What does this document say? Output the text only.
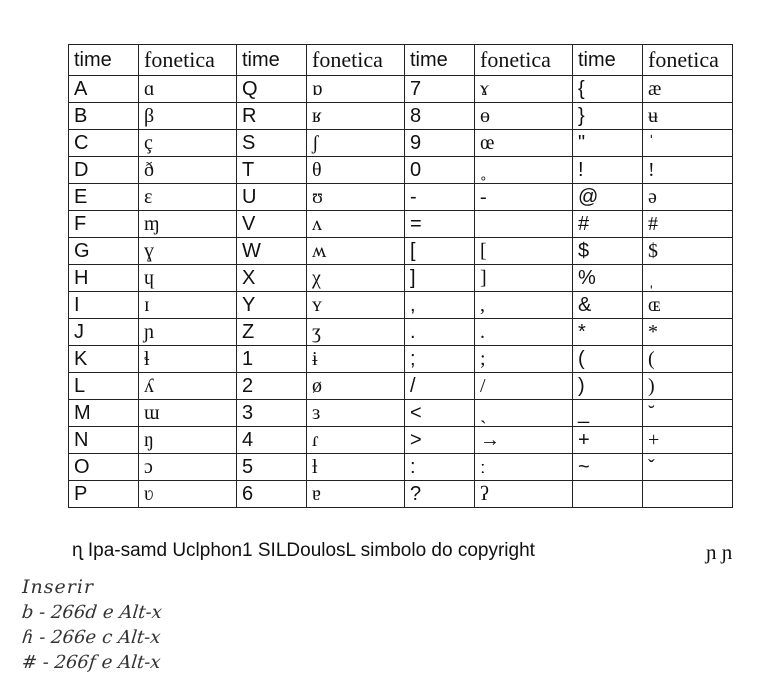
time	fonetica	time	fonetica	time	fonetica	time	fonetica
A	ɑ	Q	ɒ	7	ɤ	{	æ
B	β	R	ʁ	8	ɵ	}	ʉ
C	ç	S	ʃ	9	œ	"	ˈ
D	ð	T	θ	0	˳	!	!
E	ɛ	U	ʊ	-	-	@	ə
F	ɱ	V	ʌ	=		#	#
G	ɣ	W	ʍ	[	[	$	$
H	ɥ	X	χ	]	]	%	ˌ
I	ɪ	Y	ʏ	,	,	&	ɶ
J	ɲ	Z	ʒ	.	.	*	*
K	ɬ	1	ɨ	;	;	(	(
L	ʎ	2	ø	/	/	)	)
M	ɯ	3	ɜ	<	ˏ	_	˘
N	ŋ	4	ɾ	>	→	+	+
O	ɔ	5	ƚ	:	ː	~	ˇ
P	ʋ	6	ɐ	?	ʔ		
ɳ Ipa-samd Uclphon1 SILDoulosL simbolo do copyright	ɲ ɲ
Inserir
b - 266d e Alt-x
ɦ - 266e c Alt-x
# - 266f e Alt-x
